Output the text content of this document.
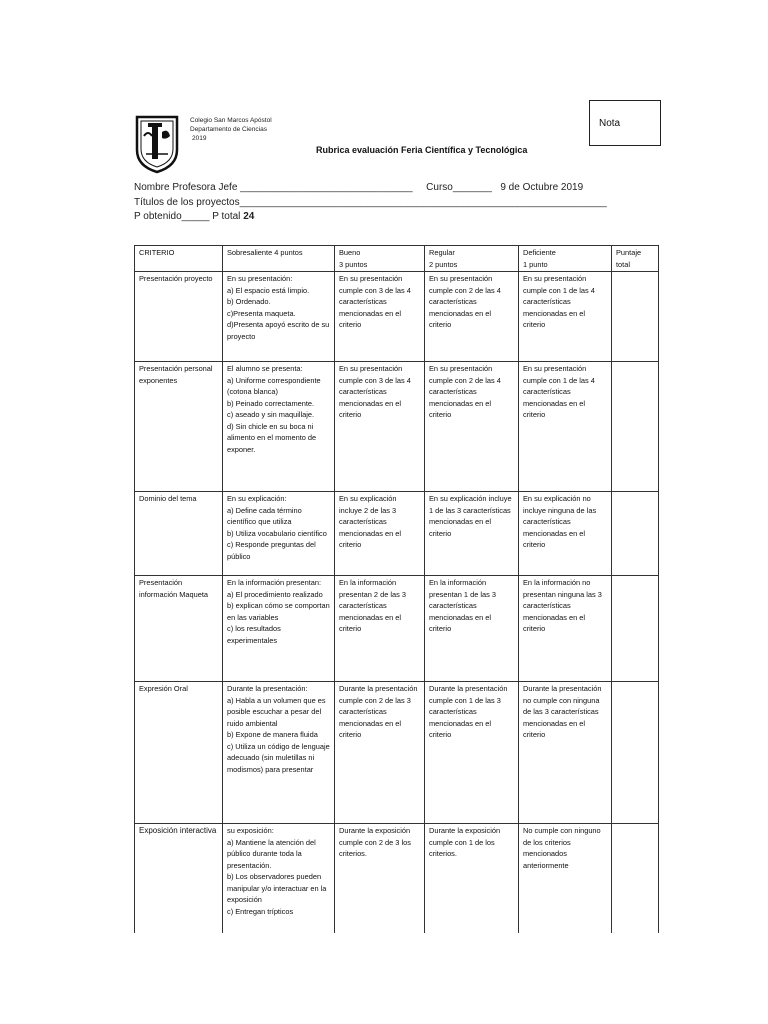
Colegio San Marcos Apóstol
Departamento de Ciencias
2019
Rubrica evaluación Feria Científica y Tecnológica
Nota
Nombre Profesora Jefe _______________________________ Curso_______ 9 de Octubre 2019
Títulos de los proyectos__________________________________________________________________
P obtenido_____ P total 24
CRITERIO	Sobresaliente 4 puntos	Bueno
3 puntos	Regular
2 puntos	Deficiente
1 punto	Puntaje total
Presentación proyecto	En su presentación:
a) El espacio está limpio.
b) Ordenado.
c)Presenta maqueta.
d)Presenta apoyó escrito de su proyecto	En su presentación cumple con 3 de las 4 características mencionadas en el criterio	En su presentación cumple con 2 de las 4 características mencionadas en el criterio	En su presentación cumple con 1 de las 4 características mencionadas en el criterio	
Presentación personal exponentes	El alumno se presenta:
a) Uniforme correspondiente (cotona blanca)
b) Peinado correctamente.
c) aseado y sin maquillaje.
d) Sin chicle en su boca ni alimento en el momento de exponer.	En su presentación cumple con 3 de las 4 características mencionadas en el criterio	En su presentación cumple con 2 de las 4 características mencionadas en el criterio	En su presentación cumple con 1 de las 4 características mencionadas en el criterio	
Dominio del tema	En su explicación:
a) Define cada término científico que utiliza
b) Utiliza vocabulario científico
c) Responde preguntas del público	En su explicación incluye 2 de las 3 características mencionadas en el criterio	En su explicación incluye 1 de las 3 características mencionadas en el criterio	En su explicación no incluye ninguna de las características mencionadas en el criterio	
Presentación información Maqueta	En la información presentan:
a) El procedimiento realizado
b) explican cómo se comportan en las variables
c) los resultados experimentales	En la información presentan 2 de las 3 características mencionadas en el criterio	En la información presentan 1 de las 3 características mencionadas en el criterio	En la información no presentan ninguna las 3 características mencionadas en el criterio	
Expresión Oral	Durante la presentación:
a) Habla a un volumen que es posible escuchar a pesar del ruido ambiental
b) Expone de manera fluida
c) Utiliza un código de lenguaje adecuado (sin muletillas ni modismos) para presentar	Durante la presentación cumple con 2 de las 3 características mencionadas en el criterio	Durante la presentación cumple con 1 de las 3 características mencionadas en el criterio	Durante la presentación no cumple con ninguna de las 3 características mencionadas en el criterio	
Exposición interactiva	su exposición:
a) Mantiene la atención del público durante toda la presentación.
b) Los observadores pueden manipular y/o interactuar en la exposición
c) Entregan trípticos	Durante la exposición cumple con 2 de 3 los criterios.	Durante la exposición cumple con 1 de los criterios.	No cumple con ninguno de los criterios mencionados anteriormente	
